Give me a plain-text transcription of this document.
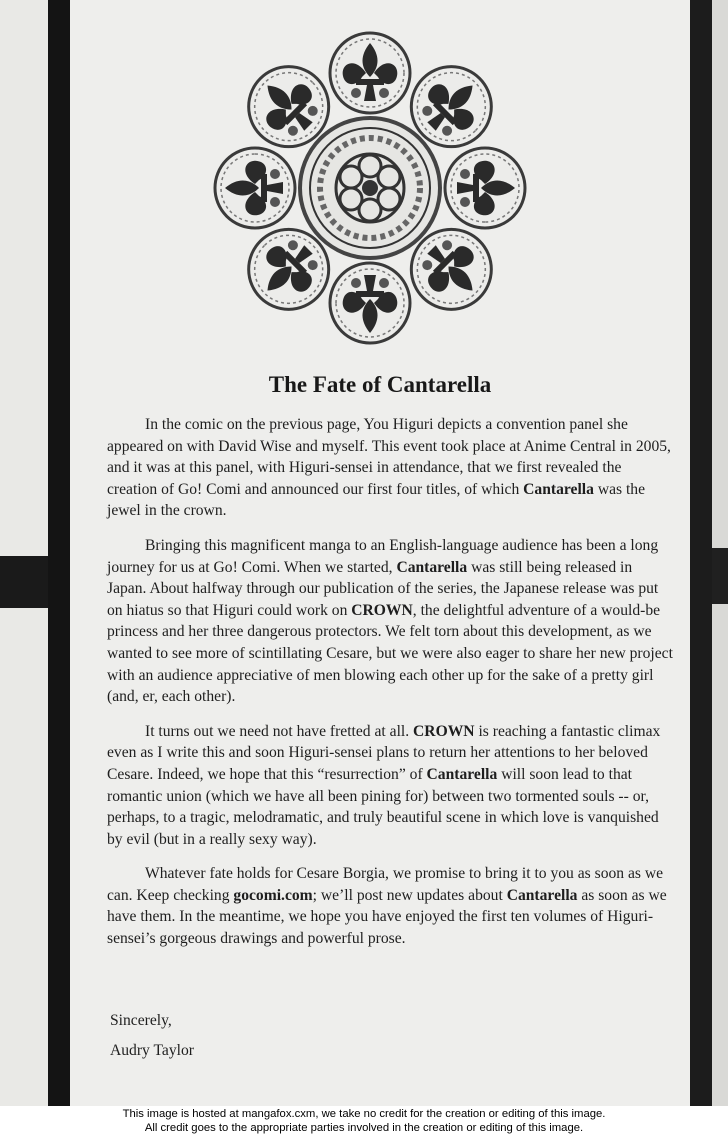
The Fate of Cantarella

In the comic on the previous page, You Higuri depicts a convention panel she appeared on with David Wise and myself. This event took place at Anime Central in 2005, and it was at this panel, with Higuri-sensei in attendance, that we first revealed the creation of Go! Comi and announced our first four titles, of which Cantarella was the jewel in the crown.

Bringing this magnificent manga to an English-language audience has been a long journey for us at Go! Comi. When we started, Cantarella was still being released in Japan. About halfway through our publication of the series, the Japanese release was put on hiatus so that Higuri could work on CROWN, the delightful adventure of a would-be princess and her three dangerous protectors. We felt torn about this development, as we wanted to see more of scintillating Cesare, but we were also eager to share her new project with an audience appreciative of men blowing each other up for the sake of a pretty girl (and, er, each other).

It turns out we need not have fretted at all. CROWN is reaching a fantastic climax even as I write this and soon Higuri-sensei plans to return her attentions to her beloved Cesare. Indeed, we hope that this “resurrection” of Cantarella will soon lead to that romantic union (which we have all been pining for) between two tormented souls -- or, perhaps, to a tragic, melodramatic, and truly beautiful scene in which love is vanquished by evil (but in a really sexy way).

Whatever fate holds for Cesare Borgia, we promise to bring it to you as soon as we can. Keep checking gocomi.com; we’ll post new updates about Cantarella as soon as we have them. In the meantime, we hope you have enjoyed the first ten volumes of Higuri-sensei’s gorgeous drawings and powerful prose.

Sincerely,
Audry Taylor
This image is hosted at mangafox.cxm, we take no credit for the creation or editing of this image.
All credit goes to the appropriate parties involved in the creation or editing of this image.
